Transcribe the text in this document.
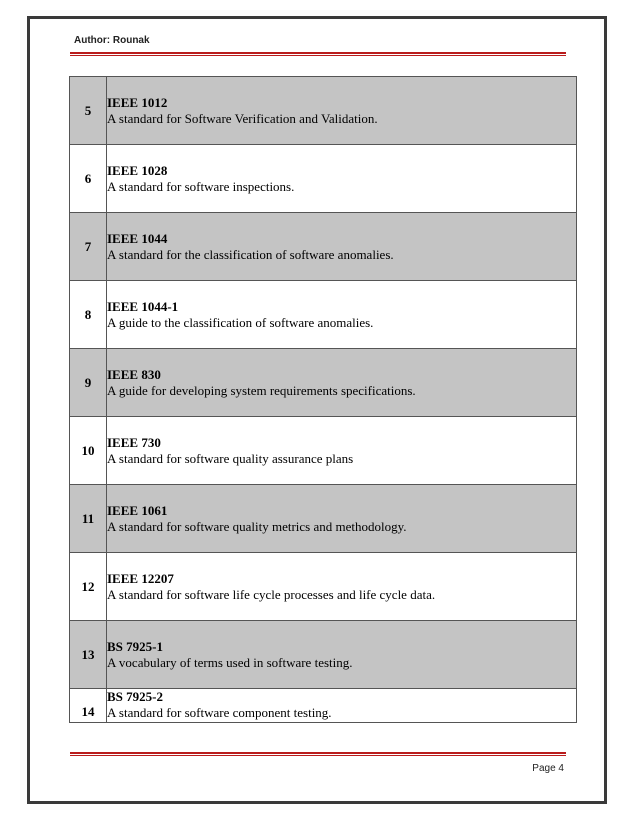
Author: Rounak
5	IEEE 1012
A standard for Software Verification and Validation.

6	IEEE 1028
A standard for software inspections.

7	IEEE 1044
A standard for the classification of software anomalies.

8	IEEE 1044-1
A guide to the classification of software anomalies.

9	IEEE 830
A guide for developing system requirements specifications.

10	IEEE 730
A standard for software quality assurance plans

11	IEEE 1061
A standard for software quality metrics and methodology.

12	IEEE 12207
A standard for software life cycle processes and life cycle data.

13	BS 7925-1
A vocabulary of terms used in software testing.

14	BS 7925-2
A standard for software component testing.
Page 4
